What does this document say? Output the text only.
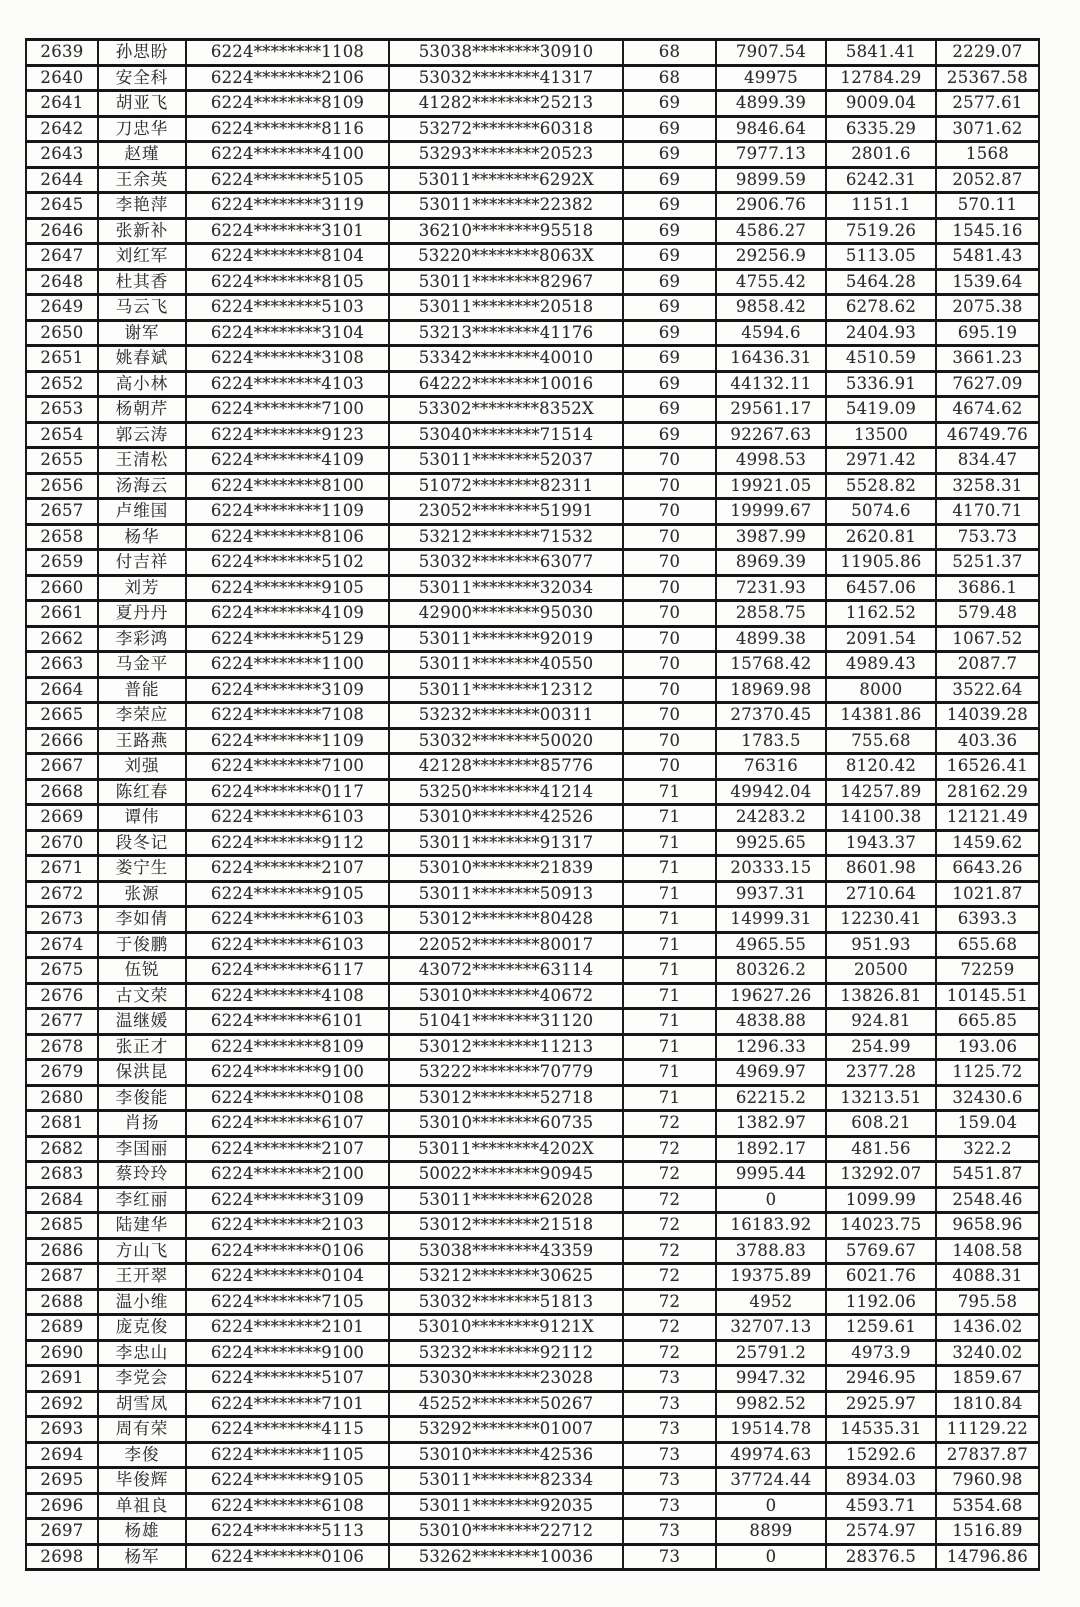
2639	孙思盼	6224********1108	53038********30910	68	7907.54	5841.41	2229.07
2640	安全科	6224********2106	53032********41317	68	49975	12784.29	25367.58
2641	胡亚飞	6224********8109	41282********25213	69	4899.39	9009.04	2577.61
2642	刀忠华	6224********8116	53272********60318	69	9846.64	6335.29	3071.62
2643	赵瑾	6224********4100	53293********20523	69	7977.13	2801.6	1568
2644	王余英	6224********5105	53011********6292X	69	9899.59	6242.31	2052.87
2645	李艳萍	6224********3119	53011********22382	69	2906.76	1151.1	570.11
2646	张新补	6224********3101	36210********95518	69	4586.27	7519.26	1545.16
2647	刘红军	6224********8104	53220********8063X	69	29256.9	5113.05	5481.43
2648	杜其香	6224********8105	53011********82967	69	4755.42	5464.28	1539.64
2649	马云飞	6224********5103	53011********20518	69	9858.42	6278.62	2075.38
2650	谢军	6224********3104	53213********41176	69	4594.6	2404.93	695.19
2651	姚春斌	6224********3108	53342********40010	69	16436.31	4510.59	3661.23
2652	高小林	6224********4103	64222********10016	69	44132.11	5336.91	7627.09
2653	杨朝芹	6224********7100	53302********8352X	69	29561.17	5419.09	4674.62
2654	郭云涛	6224********9123	53040********71514	69	92267.63	13500	46749.76
2655	王清松	6224********4109	53011********52037	70	4998.53	2971.42	834.47
2656	汤海云	6224********8100	51072********82311	70	19921.05	5528.82	3258.31
2657	卢维国	6224********1109	23052********51991	70	19999.67	5074.6	4170.71
2658	杨华	6224********8106	53212********71532	70	3987.99	2620.81	753.73
2659	付吉祥	6224********5102	53032********63077	70	8969.39	11905.86	5251.37
2660	刘芳	6224********9105	53011********32034	70	7231.93	6457.06	3686.1
2661	夏丹丹	6224********4109	42900********95030	70	2858.75	1162.52	579.48
2662	李彩鸿	6224********5129	53011********92019	70	4899.38	2091.54	1067.52
2663	马金平	6224********1100	53011********40550	70	15768.42	4989.43	2087.7
2664	普能	6224********3109	53011********12312	70	18969.98	8000	3522.64
2665	李荣应	6224********7108	53232********00311	70	27370.45	14381.86	14039.28
2666	王路燕	6224********1109	53032********50020	70	1783.5	755.68	403.36
2667	刘强	6224********7100	42128********85776	70	76316	8120.42	16526.41
2668	陈红春	6224********0117	53250********41214	71	49942.04	14257.89	28162.29
2669	谭伟	6224********6103	53010********42526	71	24283.2	14100.38	12121.49
2670	段冬记	6224********9112	53011********91317	71	9925.65	1943.37	1459.62
2671	娄宁生	6224********2107	53010********21839	71	20333.15	8601.98	6643.26
2672	张源	6224********9105	53011********50913	71	9937.31	2710.64	1021.87
2673	李如倩	6224********6103	53012********80428	71	14999.31	12230.41	6393.3
2674	于俊鹏	6224********6103	22052********80017	71	4965.55	951.93	655.68
2675	伍锐	6224********6117	43072********63114	71	80326.2	20500	72259
2676	古文荣	6224********4108	53010********40672	71	19627.26	13826.81	10145.51
2677	温继媛	6224********6101	51041********31120	71	4838.88	924.81	665.85
2678	张正才	6224********8109	53012********11213	71	1296.33	254.99	193.06
2679	保洪昆	6224********9100	53222********70779	71	4969.97	2377.28	1125.72
2680	李俊能	6224********0108	53012********52718	71	62215.2	13213.51	32430.6
2681	肖扬	6224********6107	53010********60735	72	1382.97	608.21	159.04
2682	李国丽	6224********2107	53011********4202X	72	1892.17	481.56	322.2
2683	蔡玲玲	6224********2100	50022********90945	72	9995.44	13292.07	5451.87
2684	李红丽	6224********3109	53011********62028	72	0	1099.99	2548.46
2685	陆建华	6224********2103	53012********21518	72	16183.92	14023.75	9658.96
2686	方山飞	6224********0106	53038********43359	72	3788.83	5769.67	1408.58
2687	王开翠	6224********0104	53212********30625	72	19375.89	6021.76	4088.31
2688	温小维	6224********7105	53032********51813	72	4952	1192.06	795.58
2689	庞克俊	6224********2101	53010********9121X	72	32707.13	1259.61	1436.02
2690	李忠山	6224********9100	53232********92112	72	25791.2	4973.9	3240.02
2691	李党会	6224********5107	53030********23028	73	9947.32	2946.95	1859.67
2692	胡雪凤	6224********7101	45252********50267	73	9982.52	2925.97	1810.84
2693	周有荣	6224********4115	53292********01007	73	19514.78	14535.31	11129.22
2694	李俊	6224********1105	53010********42536	73	49974.63	15292.6	27837.87
2695	毕俊辉	6224********9105	53011********82334	73	37724.44	8934.03	7960.98
2696	单祖良	6224********6108	53011********92035	73	0	4593.71	5354.68
2697	杨雄	6224********5113	53010********22712	73	8899	2574.97	1516.89
2698	杨军	6224********0106	53262********10036	73	0	28376.5	14796.86
